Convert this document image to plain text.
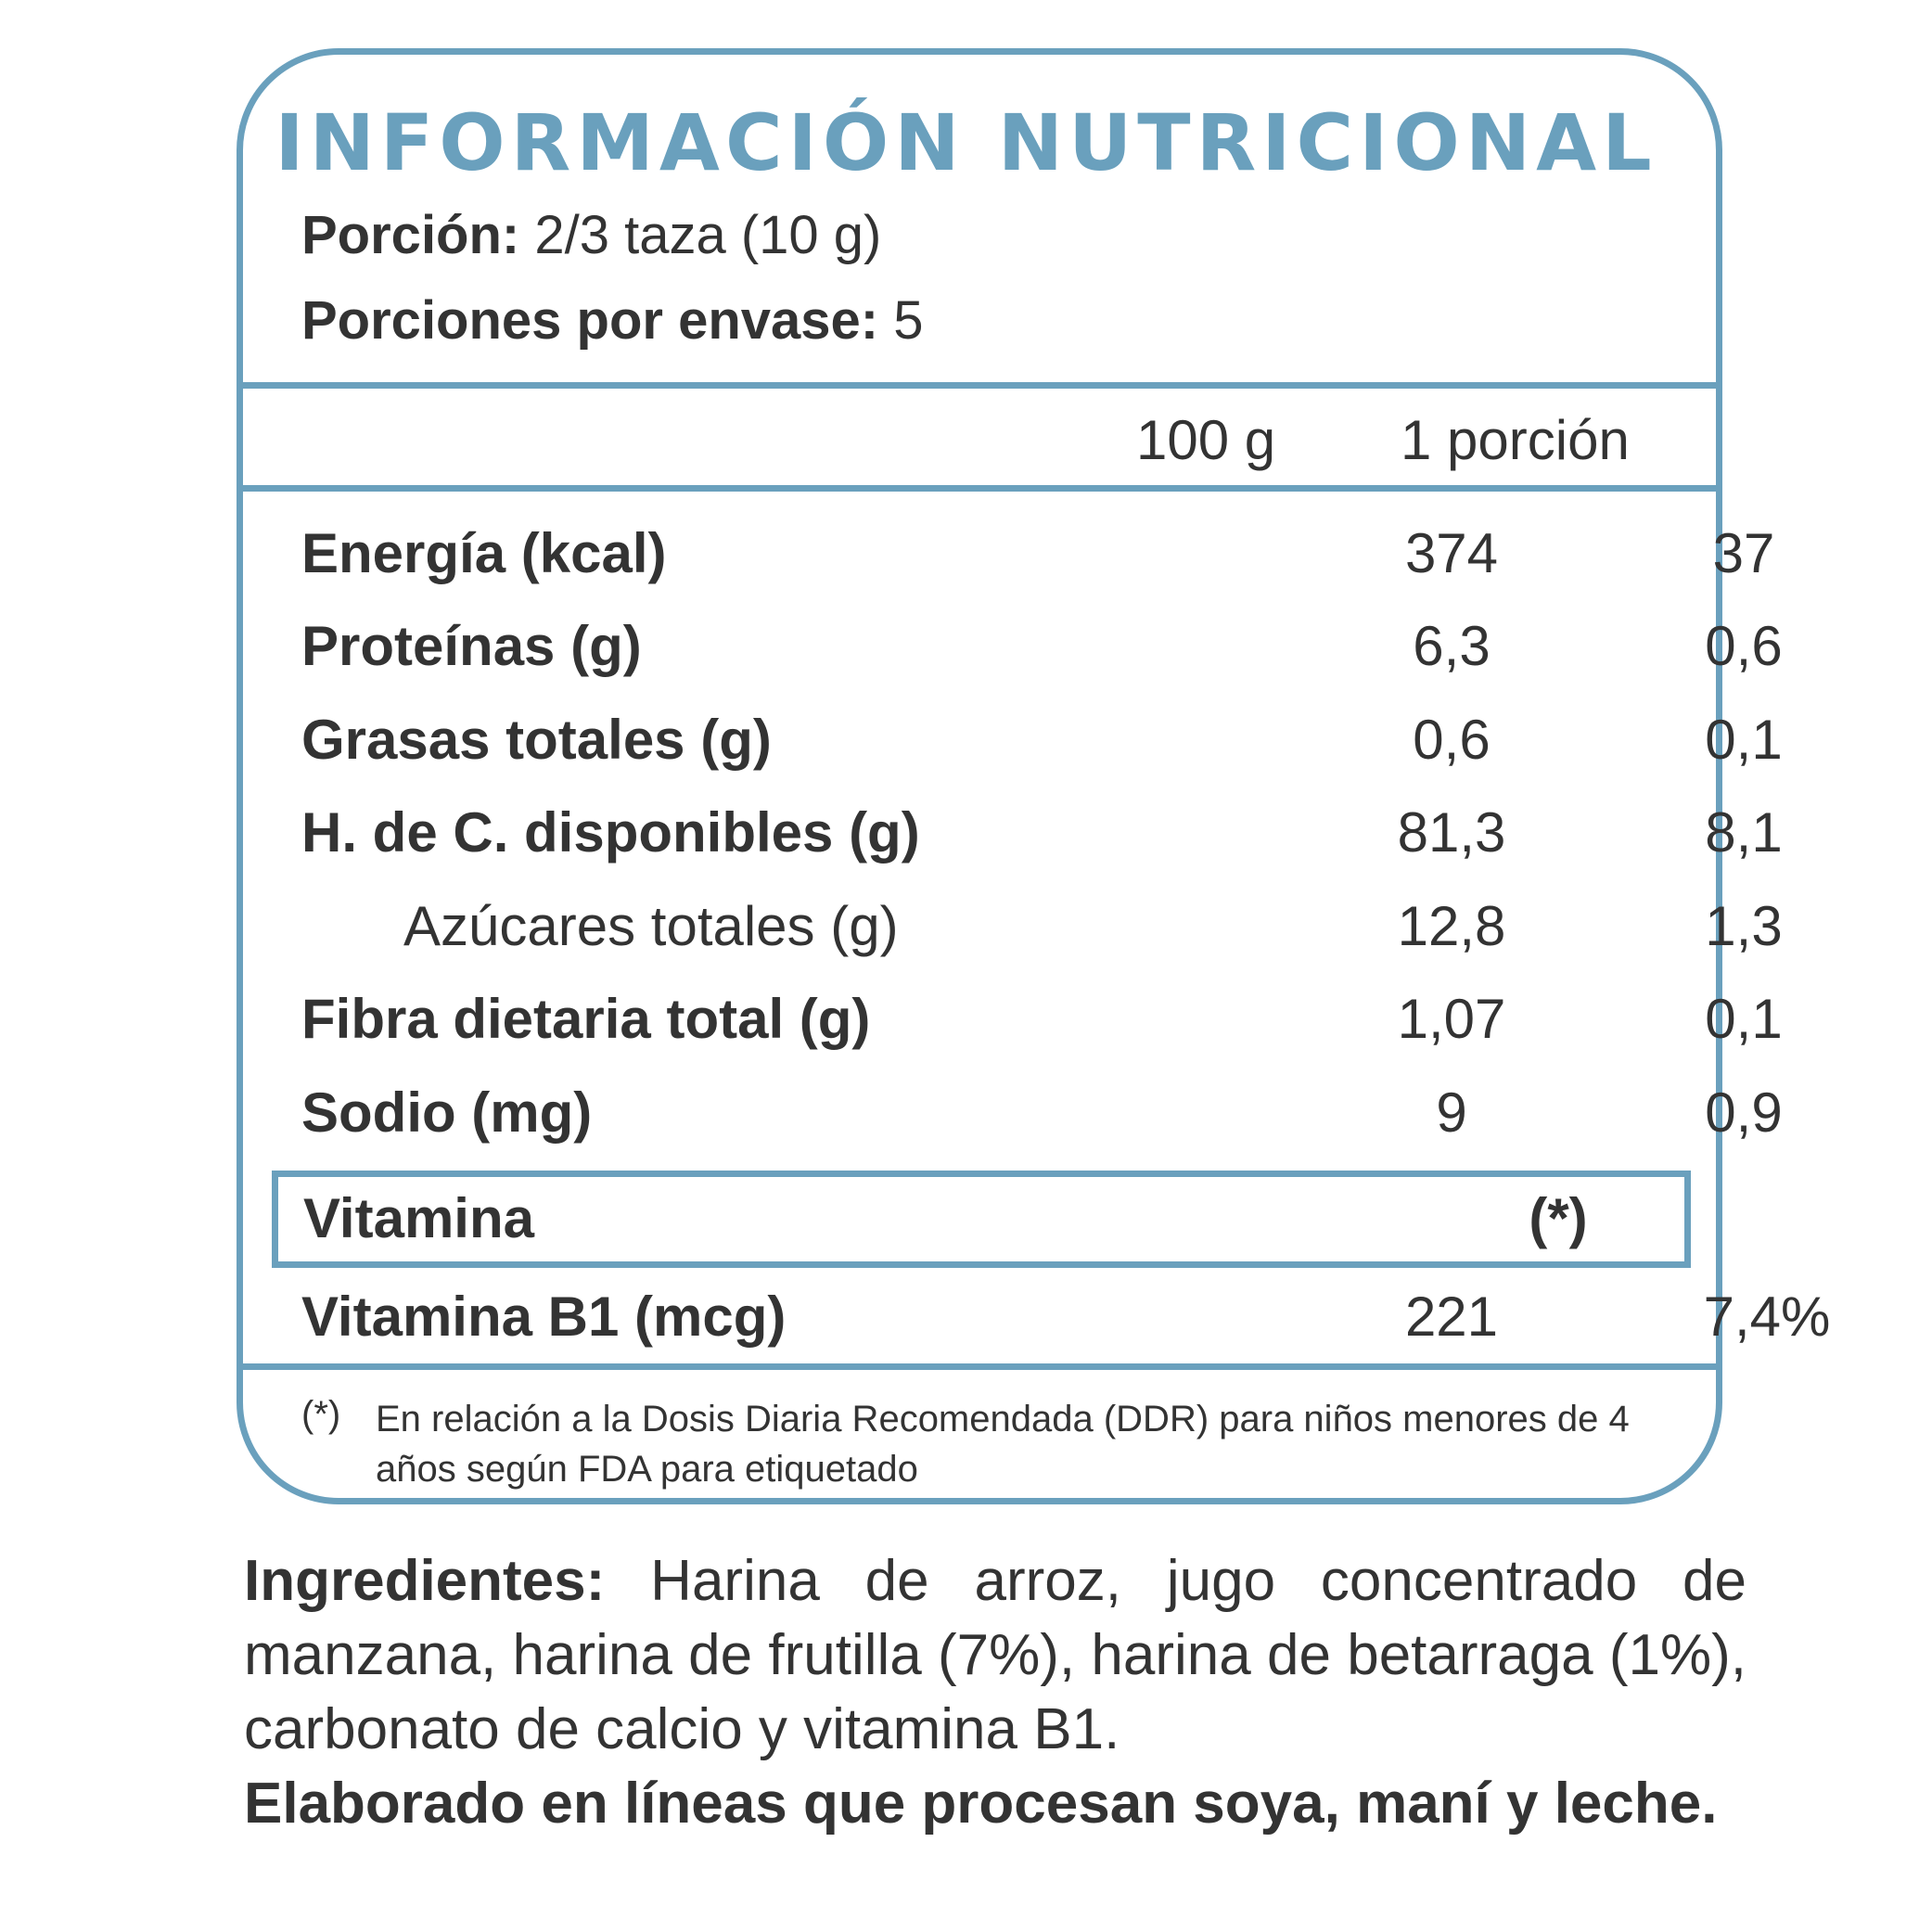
INFORMACIÓN NUTRICIONAL
Porción: 2/3 taza (10 g)
Porciones por envase: 5
100 g 1 porción
Energía (kcal)	374	37
Proteínas (g)	6,3	0,6
Grasas totales (g)	0,6	0,1
H. de C. disponibles (g)	81,3	8,1
Azúcares totales (g)	12,8	1,3
Fibra dietaria total (g)	1,07	0,1
Sodio (mg)	9	0,9
Vitamina	(*)
Vitamina B1 (mcg)	221	7,4%
(*) En relación a la Dosis Diaria Recomendada (DDR) para niños menores de 4 años según FDA para etiquetado
Ingredientes: Harina de arroz, jugo concentrado de manzana, harina de frutilla (7%), harina de betarraga (1%), carbonato de calcio y vitamina B1.
Elaborado en líneas que procesan soya, maní y leche.
